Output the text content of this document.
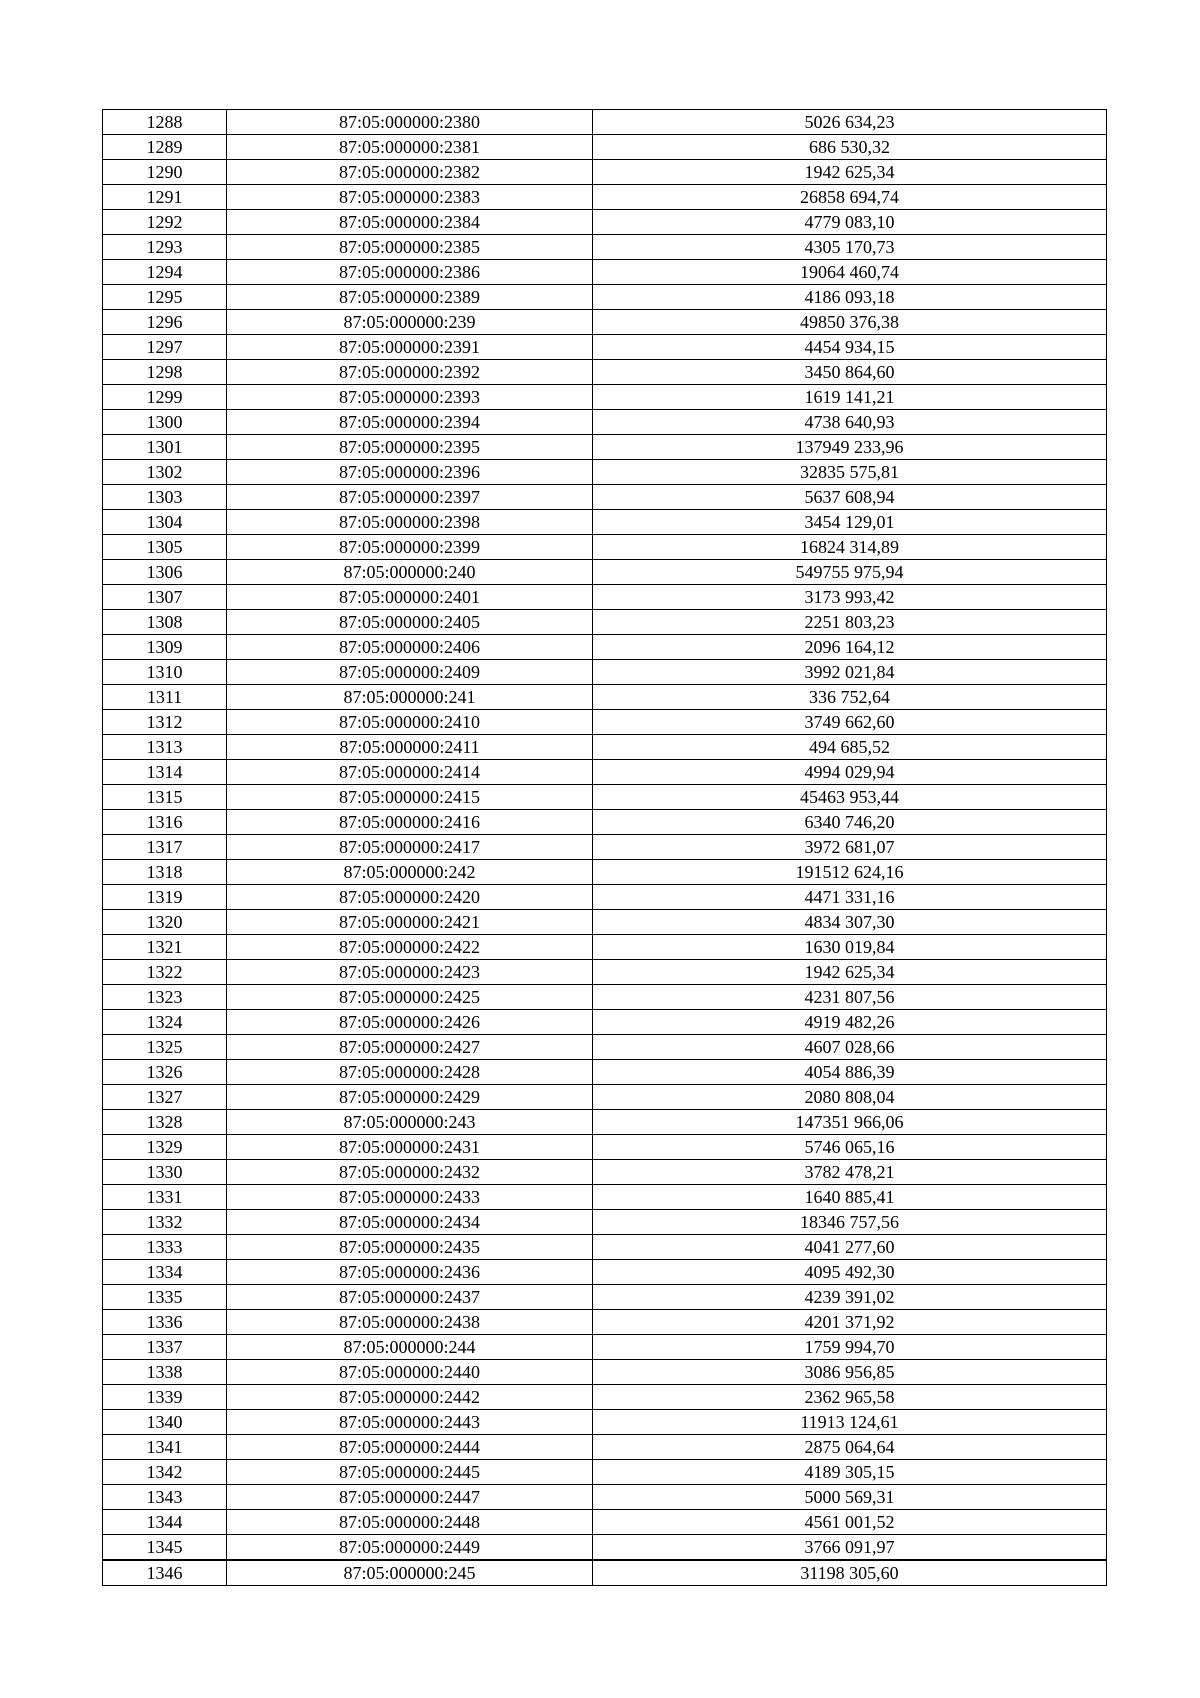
1288	87:05:000000:2380	5026 634,23
1289	87:05:000000:2381	686 530,32
1290	87:05:000000:2382	1942 625,34
1291	87:05:000000:2383	26858 694,74
1292	87:05:000000:2384	4779 083,10
1293	87:05:000000:2385	4305 170,73
1294	87:05:000000:2386	19064 460,74
1295	87:05:000000:2389	4186 093,18
1296	87:05:000000:239	49850 376,38
1297	87:05:000000:2391	4454 934,15
1298	87:05:000000:2392	3450 864,60
1299	87:05:000000:2393	1619 141,21
1300	87:05:000000:2394	4738 640,93
1301	87:05:000000:2395	137949 233,96
1302	87:05:000000:2396	32835 575,81
1303	87:05:000000:2397	5637 608,94
1304	87:05:000000:2398	3454 129,01
1305	87:05:000000:2399	16824 314,89
1306	87:05:000000:240	549755 975,94
1307	87:05:000000:2401	3173 993,42
1308	87:05:000000:2405	2251 803,23
1309	87:05:000000:2406	2096 164,12
1310	87:05:000000:2409	3992 021,84
1311	87:05:000000:241	336 752,64
1312	87:05:000000:2410	3749 662,60
1313	87:05:000000:2411	494 685,52
1314	87:05:000000:2414	4994 029,94
1315	87:05:000000:2415	45463 953,44
1316	87:05:000000:2416	6340 746,20
1317	87:05:000000:2417	3972 681,07
1318	87:05:000000:242	191512 624,16
1319	87:05:000000:2420	4471 331,16
1320	87:05:000000:2421	4834 307,30
1321	87:05:000000:2422	1630 019,84
1322	87:05:000000:2423	1942 625,34
1323	87:05:000000:2425	4231 807,56
1324	87:05:000000:2426	4919 482,26
1325	87:05:000000:2427	4607 028,66
1326	87:05:000000:2428	4054 886,39
1327	87:05:000000:2429	2080 808,04
1328	87:05:000000:243	147351 966,06
1329	87:05:000000:2431	5746 065,16
1330	87:05:000000:2432	3782 478,21
1331	87:05:000000:2433	1640 885,41
1332	87:05:000000:2434	18346 757,56
1333	87:05:000000:2435	4041 277,60
1334	87:05:000000:2436	4095 492,30
1335	87:05:000000:2437	4239 391,02
1336	87:05:000000:2438	4201 371,92
1337	87:05:000000:244	1759 994,70
1338	87:05:000000:2440	3086 956,85
1339	87:05:000000:2442	2362 965,58
1340	87:05:000000:2443	11913 124,61
1341	87:05:000000:2444	2875 064,64
1342	87:05:000000:2445	4189 305,15
1343	87:05:000000:2447	5000 569,31
1344	87:05:000000:2448	4561 001,52
1345	87:05:000000:2449	3766 091,97
1346	87:05:000000:245	31198 305,60
